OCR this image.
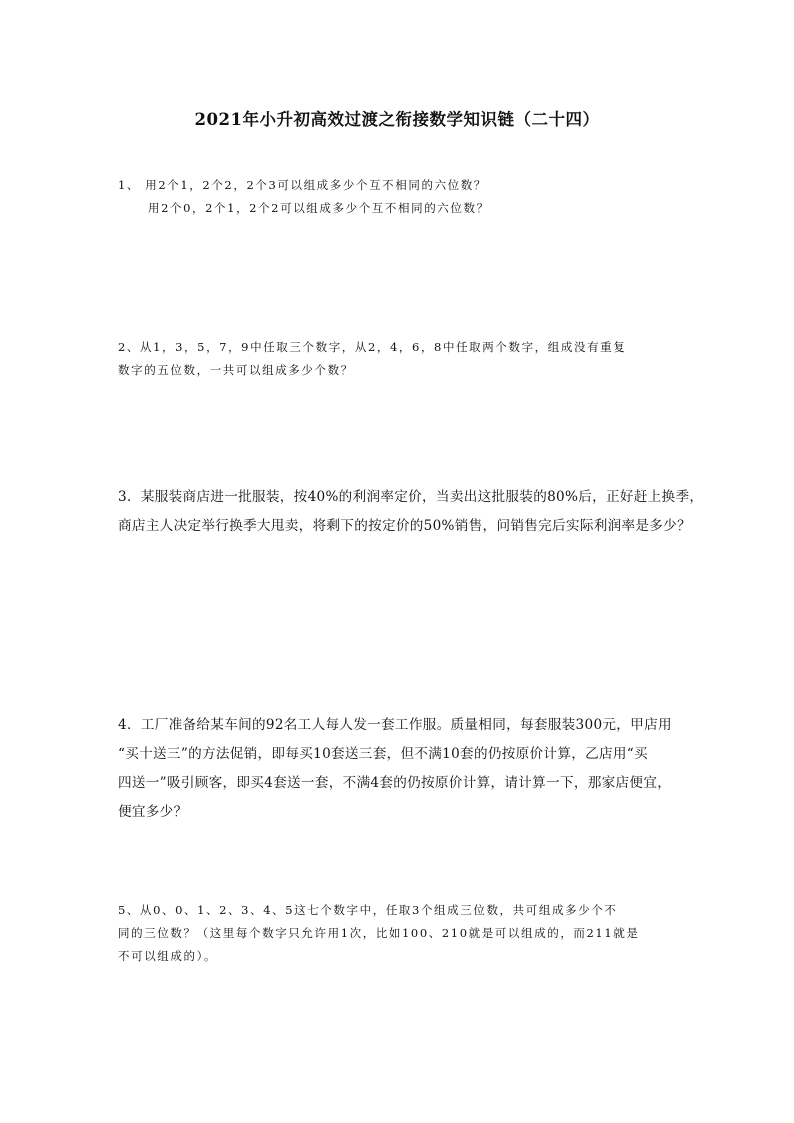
2021年小升初高效过渡之衔接数学知识链（二十四）
1、 用2个1，2个2，2个3可以组成多少个互不相同的六位数？
用2个0，2个1，2个2可以组成多少个互不相同的六位数？
2、从1，3，5，7，9中任取三个数字，从2，4，6，8中任取两个数字，组成没有重复
数字的五位数，一共可以组成多少个数？
3．某服装商店进一批服装，按40%的利润率定价，当卖出这批服装的80%后，正好赶上换季，
商店主人决定举行换季大甩卖，将剩下的按定价的50%销售，问销售完后实际利润率是多少？
4．工厂准备给某车间的92名工人每人发一套工作服。质量相同，每套服装300元，甲店用
“买十送三”的方法促销，即每买10套送三套，但不满10套的仍按原价计算，乙店用“买
四送一”吸引顾客，即买4套送一套，不满4套的仍按原价计算，请计算一下，那家店便宜，
便宜多少？
5、从0、0、1、2、3、4、5这七个数字中，任取3个组成三位数，共可组成多少个不
同的三位数？（这里每个数字只允许用1次，比如100、210就是可以组成的，而211就是
不可以组成的）。
